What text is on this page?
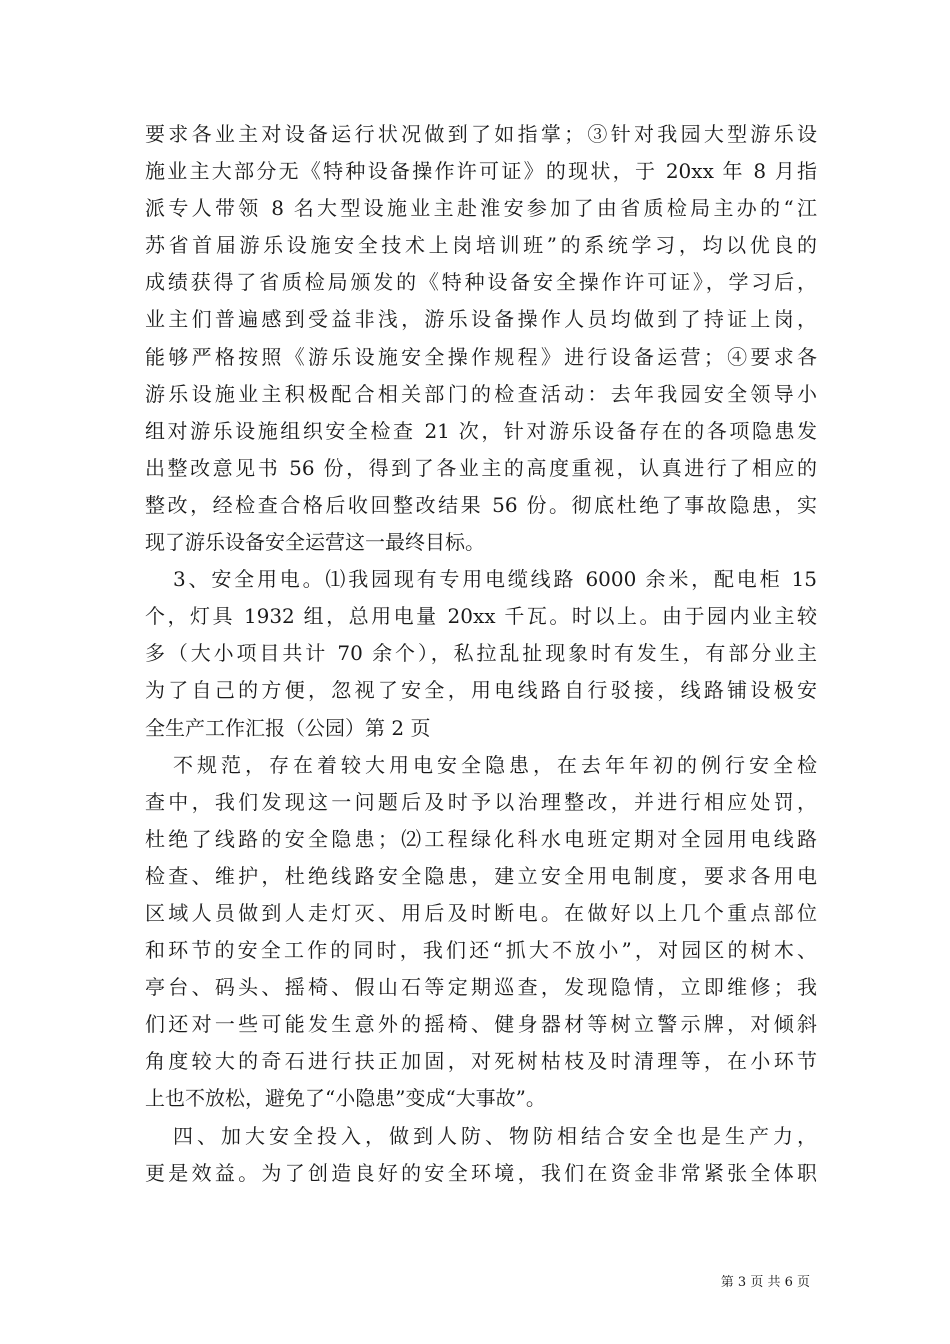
要求各业主对设备运行状况做到了如指掌；③针对我园大型游乐设
施业主大部分无《特种设备操作许可证》的现状，于 20xx 年 8 月指
派专人带领 8 名大型设施业主赴淮安参加了由省质检局主办的“江
苏省首届游乐设施安全技术上岗培训班”的系统学习，均以优良的
成绩获得了省质检局颁发的《特种设备安全操作许可证》，学习后，
业主们普遍感到受益非浅，游乐设备操作人员均做到了持证上岗，
能够严格按照《游乐设施安全操作规程》进行设备运营；④要求各
游乐设施业主积极配合相关部门的检查活动：去年我园安全领导小
组对游乐设施组织安全检查 21 次，针对游乐设备存在的各项隐患发
出整改意见书 56 份，得到了各业主的高度重视，认真进行了相应的
整改，经检查合格后收回整改结果 56 份。彻底杜绝了事故隐患，实
现了游乐设备安全运营这一最终目标。
3、安全用电。⑴我园现有专用电缆线路 6000 余米，配电柜 15
个，灯具 1932 组，总用电量 20xx 千瓦。时以上。由于园内业主较
多（大小项目共计 70 余个），私拉乱扯现象时有发生，有部分业主
为了自己的方便，忽视了安全，用电线路自行驳接，线路铺设极安
全生产工作汇报（公园）第 2 页
不规范，存在着较大用电安全隐患，在去年年初的例行安全检
查中，我们发现这一问题后及时予以治理整改，并进行相应处罚，
杜绝了线路的安全隐患；⑵工程绿化科水电班定期对全园用电线路
检查、维护，杜绝线路安全隐患，建立安全用电制度，要求各用电
区域人员做到人走灯灭、用后及时断电。在做好以上几个重点部位
和环节的安全工作的同时，我们还“抓大不放小”，对园区的树木、
亭台、码头、摇椅、假山石等定期巡查，发现隐情，立即维修；我
们还对一些可能发生意外的摇椅、健身器材等树立警示牌，对倾斜
角度较大的奇石进行扶正加固，对死树枯枝及时清理等，在小环节
上也不放松，避免了“小隐患”变成“大事故”。
四、加大安全投入，做到人防、物防相结合安全也是生产力，
更是效益。为了创造良好的安全环境，我们在资金非常紧张全体职
第 3 页 共 6 页
